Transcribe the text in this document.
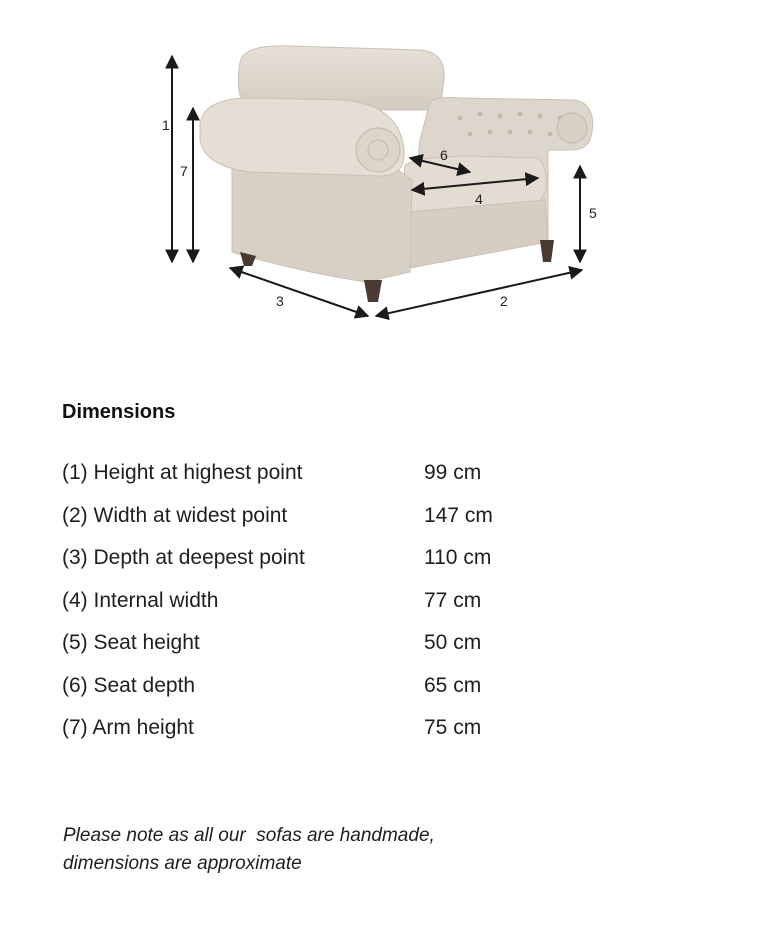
1
2
3
4
5
6
7
Dimensions
(1) Height at highest point	99 cm
(2) Width at widest point	147 cm
(3) Depth at deepest point	110 cm
(4) Internal width	77 cm
(5) Seat height	50 cm
(6) Seat depth	65 cm
(7) Arm height	75 cm
Please note as all our  sofas are handmade,
dimensions are approximate
